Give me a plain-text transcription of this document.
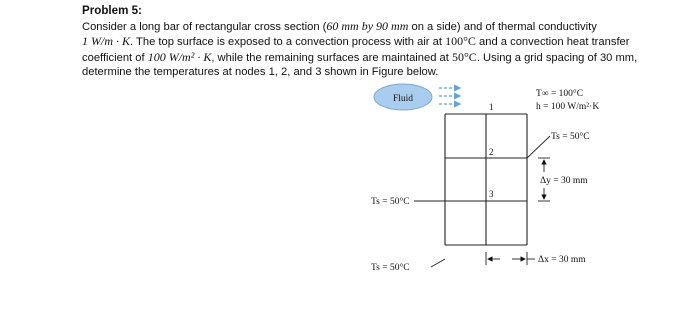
Problem 5:

Consider a long bar of rectangular cross section (60 mm by 90 mm on a side) and of thermal conductivity
1 W/m · K. The top surface is exposed to a convection process with air at 100°C and a convection heat transfer coefficient of 100 W/m² · K, while the remaining surfaces are maintained at 50°C. Using a grid spacing of 30 mm, determine the temperatures at nodes 1, 2, and 3 shown in Figure below.

Fluid
1
2
3
T∞ = 100°C
h = 100 W/m²·K
Ts = 50°C
Δy = 30 mm
Ts = 50°C
Ts = 50°C
Δx = 30 mm
